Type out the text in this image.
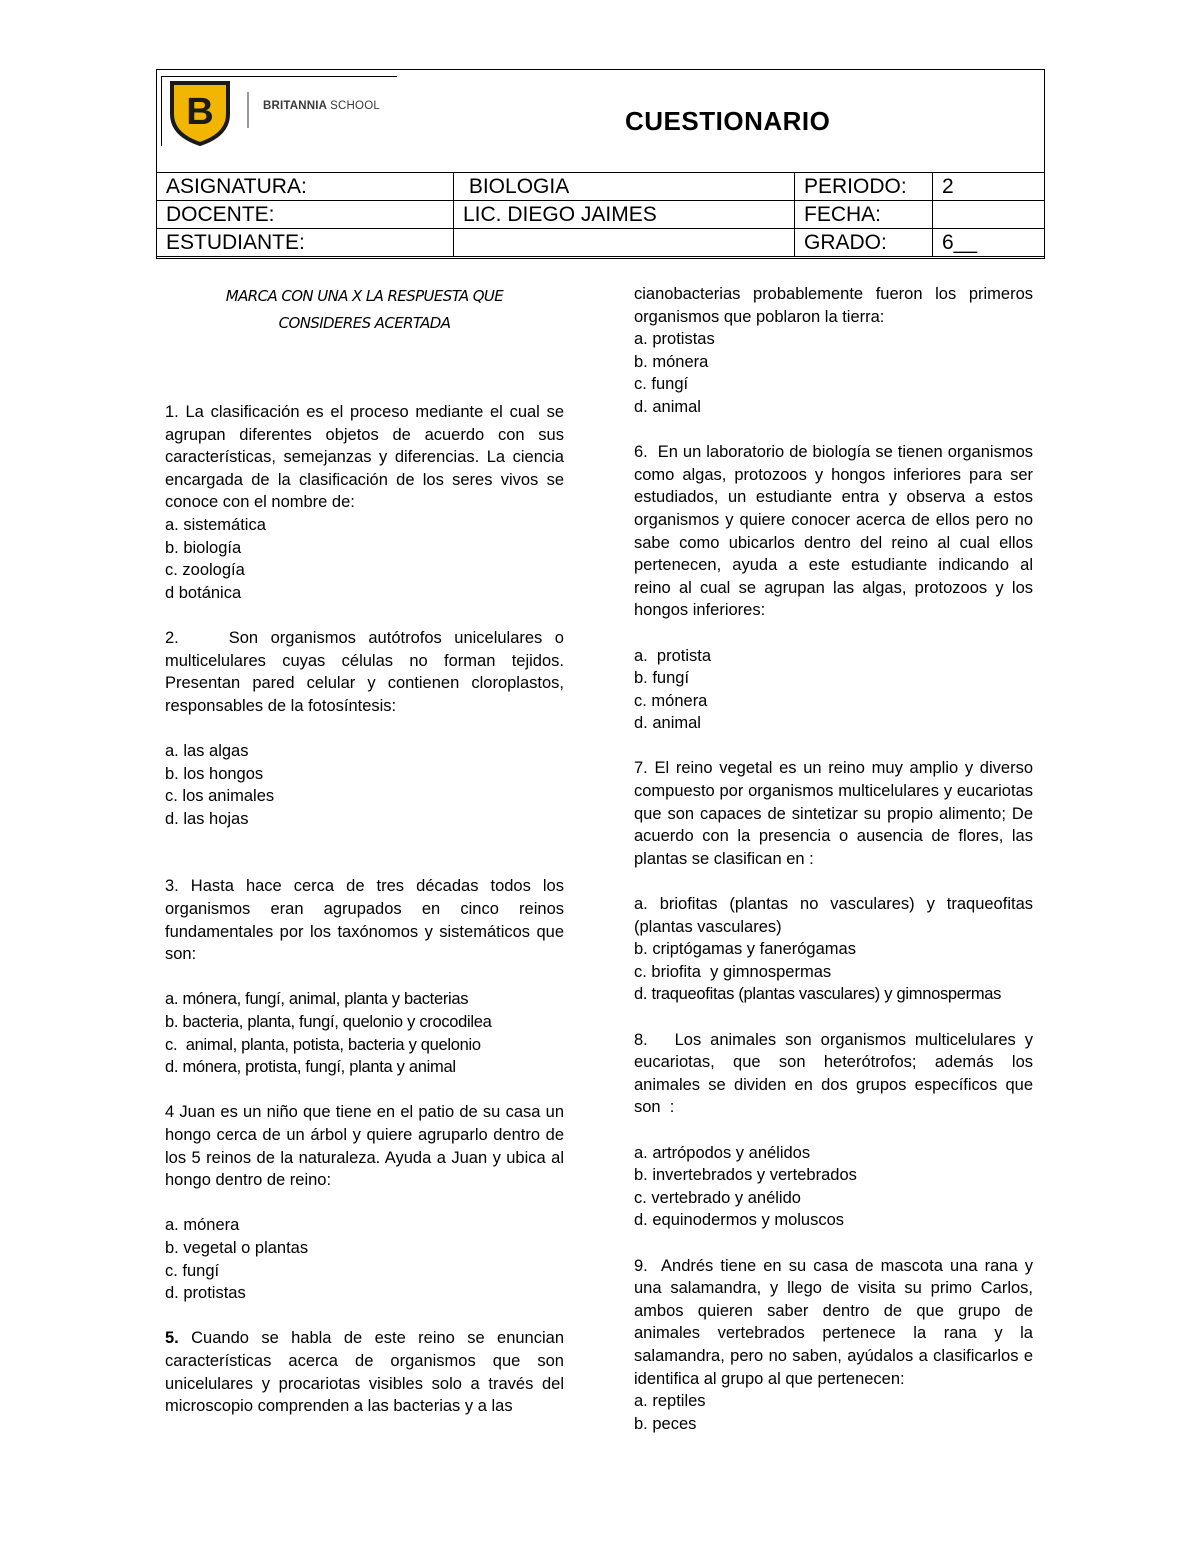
B	BRITANNIA SCHOOL	CUESTIONARIO
ASIGNATURA:	BIOLOGIA	PERIODO:	2
DOCENTE:	LIC. DIEGO JAIMES	FECHA:	
ESTUDIANTE:		GRADO:	6__
MARCA CON UNA X LA RESPUESTA QUE
CONSIDERES ACERTADA
1. La clasificación es el proceso mediante el cual se agrupan diferentes objetos de acuerdo con sus características, semejanzas y diferencias. La ciencia encargada de la clasificación de los seres vivos se conoce con el nombre de:
a. sistemática
b. biología
c. zoología
d botánica
2.    Son organismos autótrofos unicelulares o multicelulares cuyas células no forman tejidos. Presentan pared celular y contienen cloroplastos, responsables de la fotosíntesis:
a. las algas
b. los hongos
c. los animales
d. las hojas
3. Hasta hace cerca de tres décadas todos los organismos eran agrupados en cinco reinos fundamentales por los taxónomos y sistemáticos que son:
a. mónera, fungí, animal, planta y bacterias
b. bacteria, planta, fungí, quelonio y crocodilea
c.  animal, planta, potista, bacteria y quelonio
d. mónera, protista, fungí, planta y animal
4 Juan es un niño que tiene en el patio de su casa un hongo cerca de un árbol y quiere agruparlo dentro de los 5 reinos de la naturaleza. Ayuda a Juan y ubica al hongo dentro de reino:
a. mónera
b. vegetal o plantas
c. fungí
d. protistas
5. Cuando se habla de este reino se enuncian características acerca de organismos que son unicelulares y procariotas visibles solo a través del microscopio comprenden a las bacterias y a las
cianobacterias probablemente fueron los primeros organismos que poblaron la tierra:
a. protistas
b. mónera
c. fungí
d. animal
6.  En un laboratorio de biología se tienen organismos como algas, protozoos y hongos inferiores para ser estudiados, un estudiante entra y observa a estos organismos y quiere conocer acerca de ellos pero no sabe como ubicarlos dentro del reino al cual ellos pertenecen, ayuda a este estudiante indicando al reino al cual se agrupan las algas, protozoos y los hongos inferiores:
a.  protista
b. fungí
c. mónera
d. animal
7. El reino vegetal es un reino muy amplio y diverso compuesto por organismos multicelulares y eucariotas que son capaces de sintetizar su propio alimento; De acuerdo con la presencia o ausencia de flores, las plantas se clasifican en :
a. briofitas (plantas no vasculares) y traqueofitas (plantas vasculares)
b. criptógamas y fanerógamas
c. briofita  y gimnospermas
d. traqueofitas (plantas vasculares) y gimnospermas
8.   Los animales son organismos multicelulares y eucariotas, que son heterótrofos; además los animales se dividen en dos grupos específicos que son  :
a. artrópodos y anélidos
b. invertebrados y vertebrados
c. vertebrado y anélido
d. equinodermos y moluscos
9.  Andrés tiene en su casa de mascota una rana y una salamandra, y llego de visita su primo Carlos, ambos quieren saber dentro de que grupo de animales vertebrados pertenece la rana y la salamandra, pero no saben, ayúdalos a clasificarlos e identifica al grupo al que pertenecen:
a. reptiles
b. peces
